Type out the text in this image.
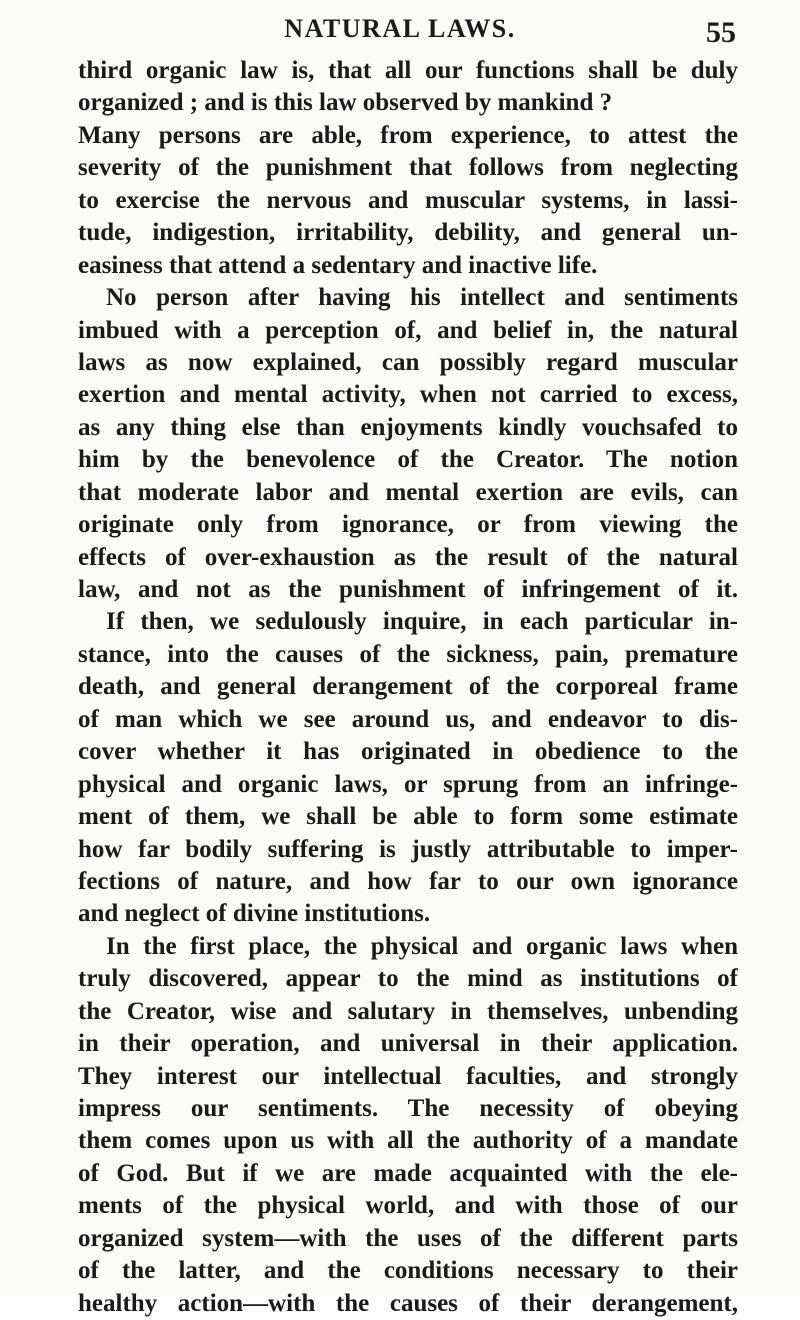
NATURAL LAWS.	55
third organic law is, that all our functions shall be duly
organized ; and is this law observed by mankind ?
Many persons are able, from experience, to attest the
severity of the punishment that follows from neglecting
to exercise the nervous and muscular systems, in lassi-
tude, indigestion, irritability, debility, and general un-
easiness that attend a sedentary and inactive life.
No person after having his intellect and sentiments
imbued with a perception of, and belief in, the natural
laws as now explained, can possibly regard muscular
exertion and mental activity, when not carried to excess,
as any thing else than enjoyments kindly vouchsafed to
him by the benevolence of the Creator. The notion
that moderate labor and mental exertion are evils, can
originate only from ignorance, or from viewing the
effects of over-exhaustion as the result of the natural
law, and not as the punishment of infringement of it.
If then, we sedulously inquire, in each particular in-
stance, into the causes of the sickness, pain, premature
death, and general derangement of the corporeal frame
of man which we see around us, and endeavor to dis-
cover whether it has originated in obedience to the
physical and organic laws, or sprung from an infringe-
ment of them, we shall be able to form some estimate
how far bodily suffering is justly attributable to imper-
fections of nature, and how far to our own ignorance
and neglect of divine institutions.
In the first place, the physical and organic laws when
truly discovered, appear to the mind as institutions of
the Creator, wise and salutary in themselves, unbending
in their operation, and universal in their application.
They interest our intellectual faculties, and strongly
impress our sentiments. The necessity of obeying
them comes upon us with all the authority of a mandate
of God. But if we are made acquainted with the ele-
ments of the physical world, and with those of our
organized system—with the uses of the different parts
of the latter, and the conditions necessary to their
healthy action—with the causes of their derangement,
